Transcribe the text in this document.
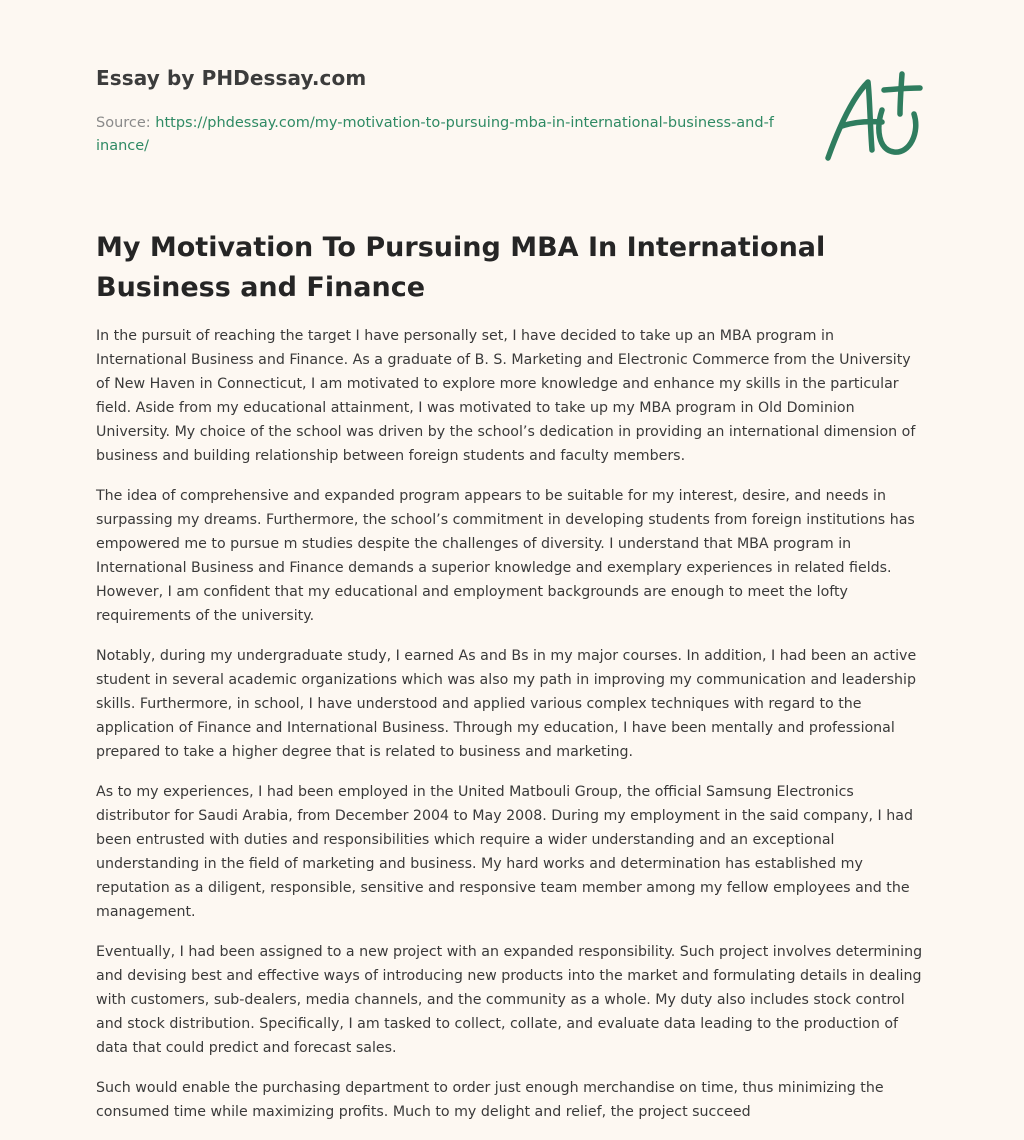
Essay by PHDessay.com
Source: https://phdessay.com/my-motivation-to-pursuing-mba-in-international-business-and-finance/
My Motivation To Pursuing MBA In International Business and Finance

In the pursuit of reaching the target I have personally set, I have decided to take up an MBA program in International Business and Finance. As a graduate of B. S. Marketing and Electronic Commerce from the University of New Haven in Connecticut, I am motivated to explore more knowledge and enhance my skills in the particular field. Aside from my educational attainment, I was motivated to take up my MBA program in Old Dominion University. My choice of the school was driven by the school’s dedication in providing an international dimension of business and building relationship between foreign students and faculty members.

The idea of comprehensive and expanded program appears to be suitable for my interest, desire, and needs in surpassing my dreams. Furthermore, the school’s commitment in developing students from foreign institutions has empowered me to pursue m studies despite the challenges of diversity. I understand that MBA program in International Business and Finance demands a superior knowledge and exemplary experiences in related fields. However, I am confident that my educational and employment backgrounds are enough to meet the lofty requirements of the university.

Notably, during my undergraduate study, I earned As and Bs in my major courses. In addition, I had been an active student in several academic organizations which was also my path in improving my communication and leadership skills. Furthermore, in school, I have understood and applied various complex techniques with regard to the application of Finance and International Business. Through my education, I have been mentally and professional prepared to take a higher degree that is related to business and marketing.

As to my experiences, I had been employed in the United Matbouli Group, the official Samsung Electronics distributor for Saudi Arabia, from December 2004 to May 2008. During my employment in the said company, I had been entrusted with duties and responsibilities which require a wider understanding and an exceptional understanding in the field of marketing and business. My hard works and determination has established my reputation as a diligent, responsible, sensitive and responsive team member among my fellow employees and the management.

Eventually, I had been assigned to a new project with an expanded responsibility. Such project involves determining and devising best and effective ways of introducing new products into the market and formulating details in dealing with customers, sub-dealers, media channels, and the community as a whole. My duty also includes stock control and stock distribution. Specifically, I am tasked to collect, collate, and evaluate data leading to the production of data that could predict and forecast sales.

Such would enable the purchasing department to order just enough merchandise on time, thus minimizing the consumed time while maximizing profits. Much to my delight and relief, the project succeed
